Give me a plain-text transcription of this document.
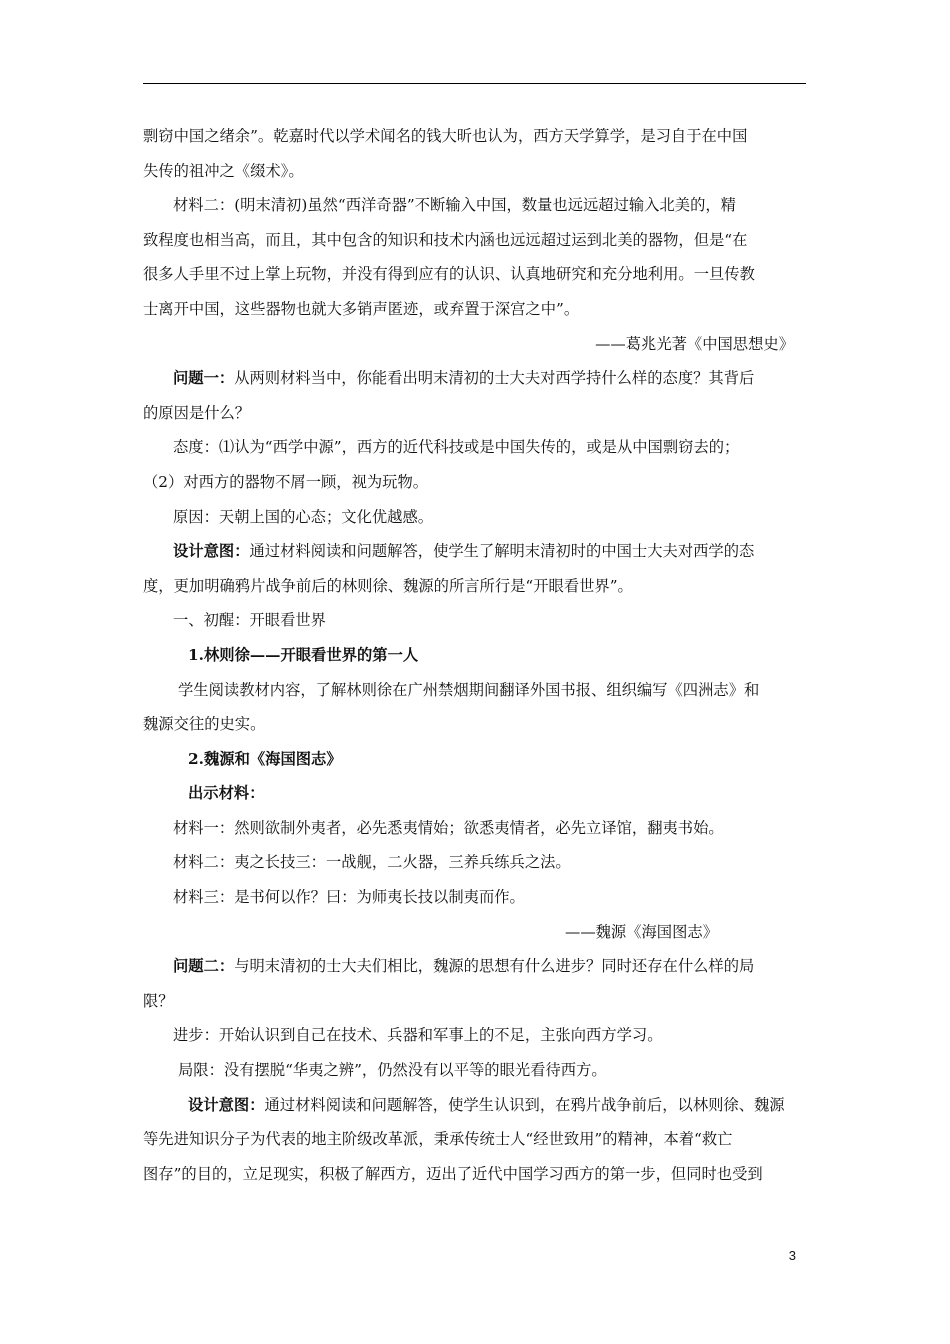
剽窃中国之绪余”。乾嘉时代以学术闻名的钱大昕也认为，西方天学算学，是习自于在中国
失传的祖冲之《缀术》。
材料二：(明末清初)虽然“西洋奇器”不断输入中国，数量也远远超过输入北美的，精
致程度也相当高，而且，其中包含的知识和技术内涵也远远超过运到北美的器物，但是“在
很多人手里不过上掌上玩物，并没有得到应有的认识、认真地研究和充分地利用。一旦传教
士离开中国，这些器物也就大多销声匿迹，或弃置于深宫之中”。
——葛兆光著《中国思想史》
问题一：从两则材料当中，你能看出明末清初的士大夫对西学持什么样的态度？其背后
的原因是什么？
态度：⑴认为“西学中源”，西方的近代科技或是中国失传的，或是从中国剽窃去的；
（2）对西方的器物不屑一顾，视为玩物。
原因：天朝上国的心态；文化优越感。
设计意图：通过材料阅读和问题解答，使学生了解明末清初时的中国士大夫对西学的态
度，更加明确鸦片战争前后的林则徐、魏源的所言所行是“开眼看世界”。
一、初醒：开眼看世界
1.林则徐——开眼看世界的第一人
学生阅读教材内容，了解林则徐在广州禁烟期间翻译外国书报、组织编写《四洲志》和
魏源交往的史实。
2.魏源和《海国图志》
出示材料：
材料一：然则欲制外夷者，必先悉夷情始；欲悉夷情者，必先立译馆，翻夷书始。
材料二：夷之长技三：一战舰，二火器，三养兵练兵之法。
材料三：是书何以作？曰：为师夷长技以制夷而作。
——魏源《海国图志》
问题二：与明末清初的士大夫们相比，魏源的思想有什么进步？同时还存在什么样的局
限？
进步：开始认识到自己在技术、兵器和军事上的不足，主张向西方学习。
局限：没有摆脱“华夷之辨”，仍然没有以平等的眼光看待西方。
设计意图：通过材料阅读和问题解答，使学生认识到，在鸦片战争前后，以林则徐、魏源
等先进知识分子为代表的地主阶级改革派，秉承传统士人“经世致用”的精神，本着“救亡
图存”的目的，立足现实，积极了解西方，迈出了近代中国学习西方的第一步，但同时也受到
3
